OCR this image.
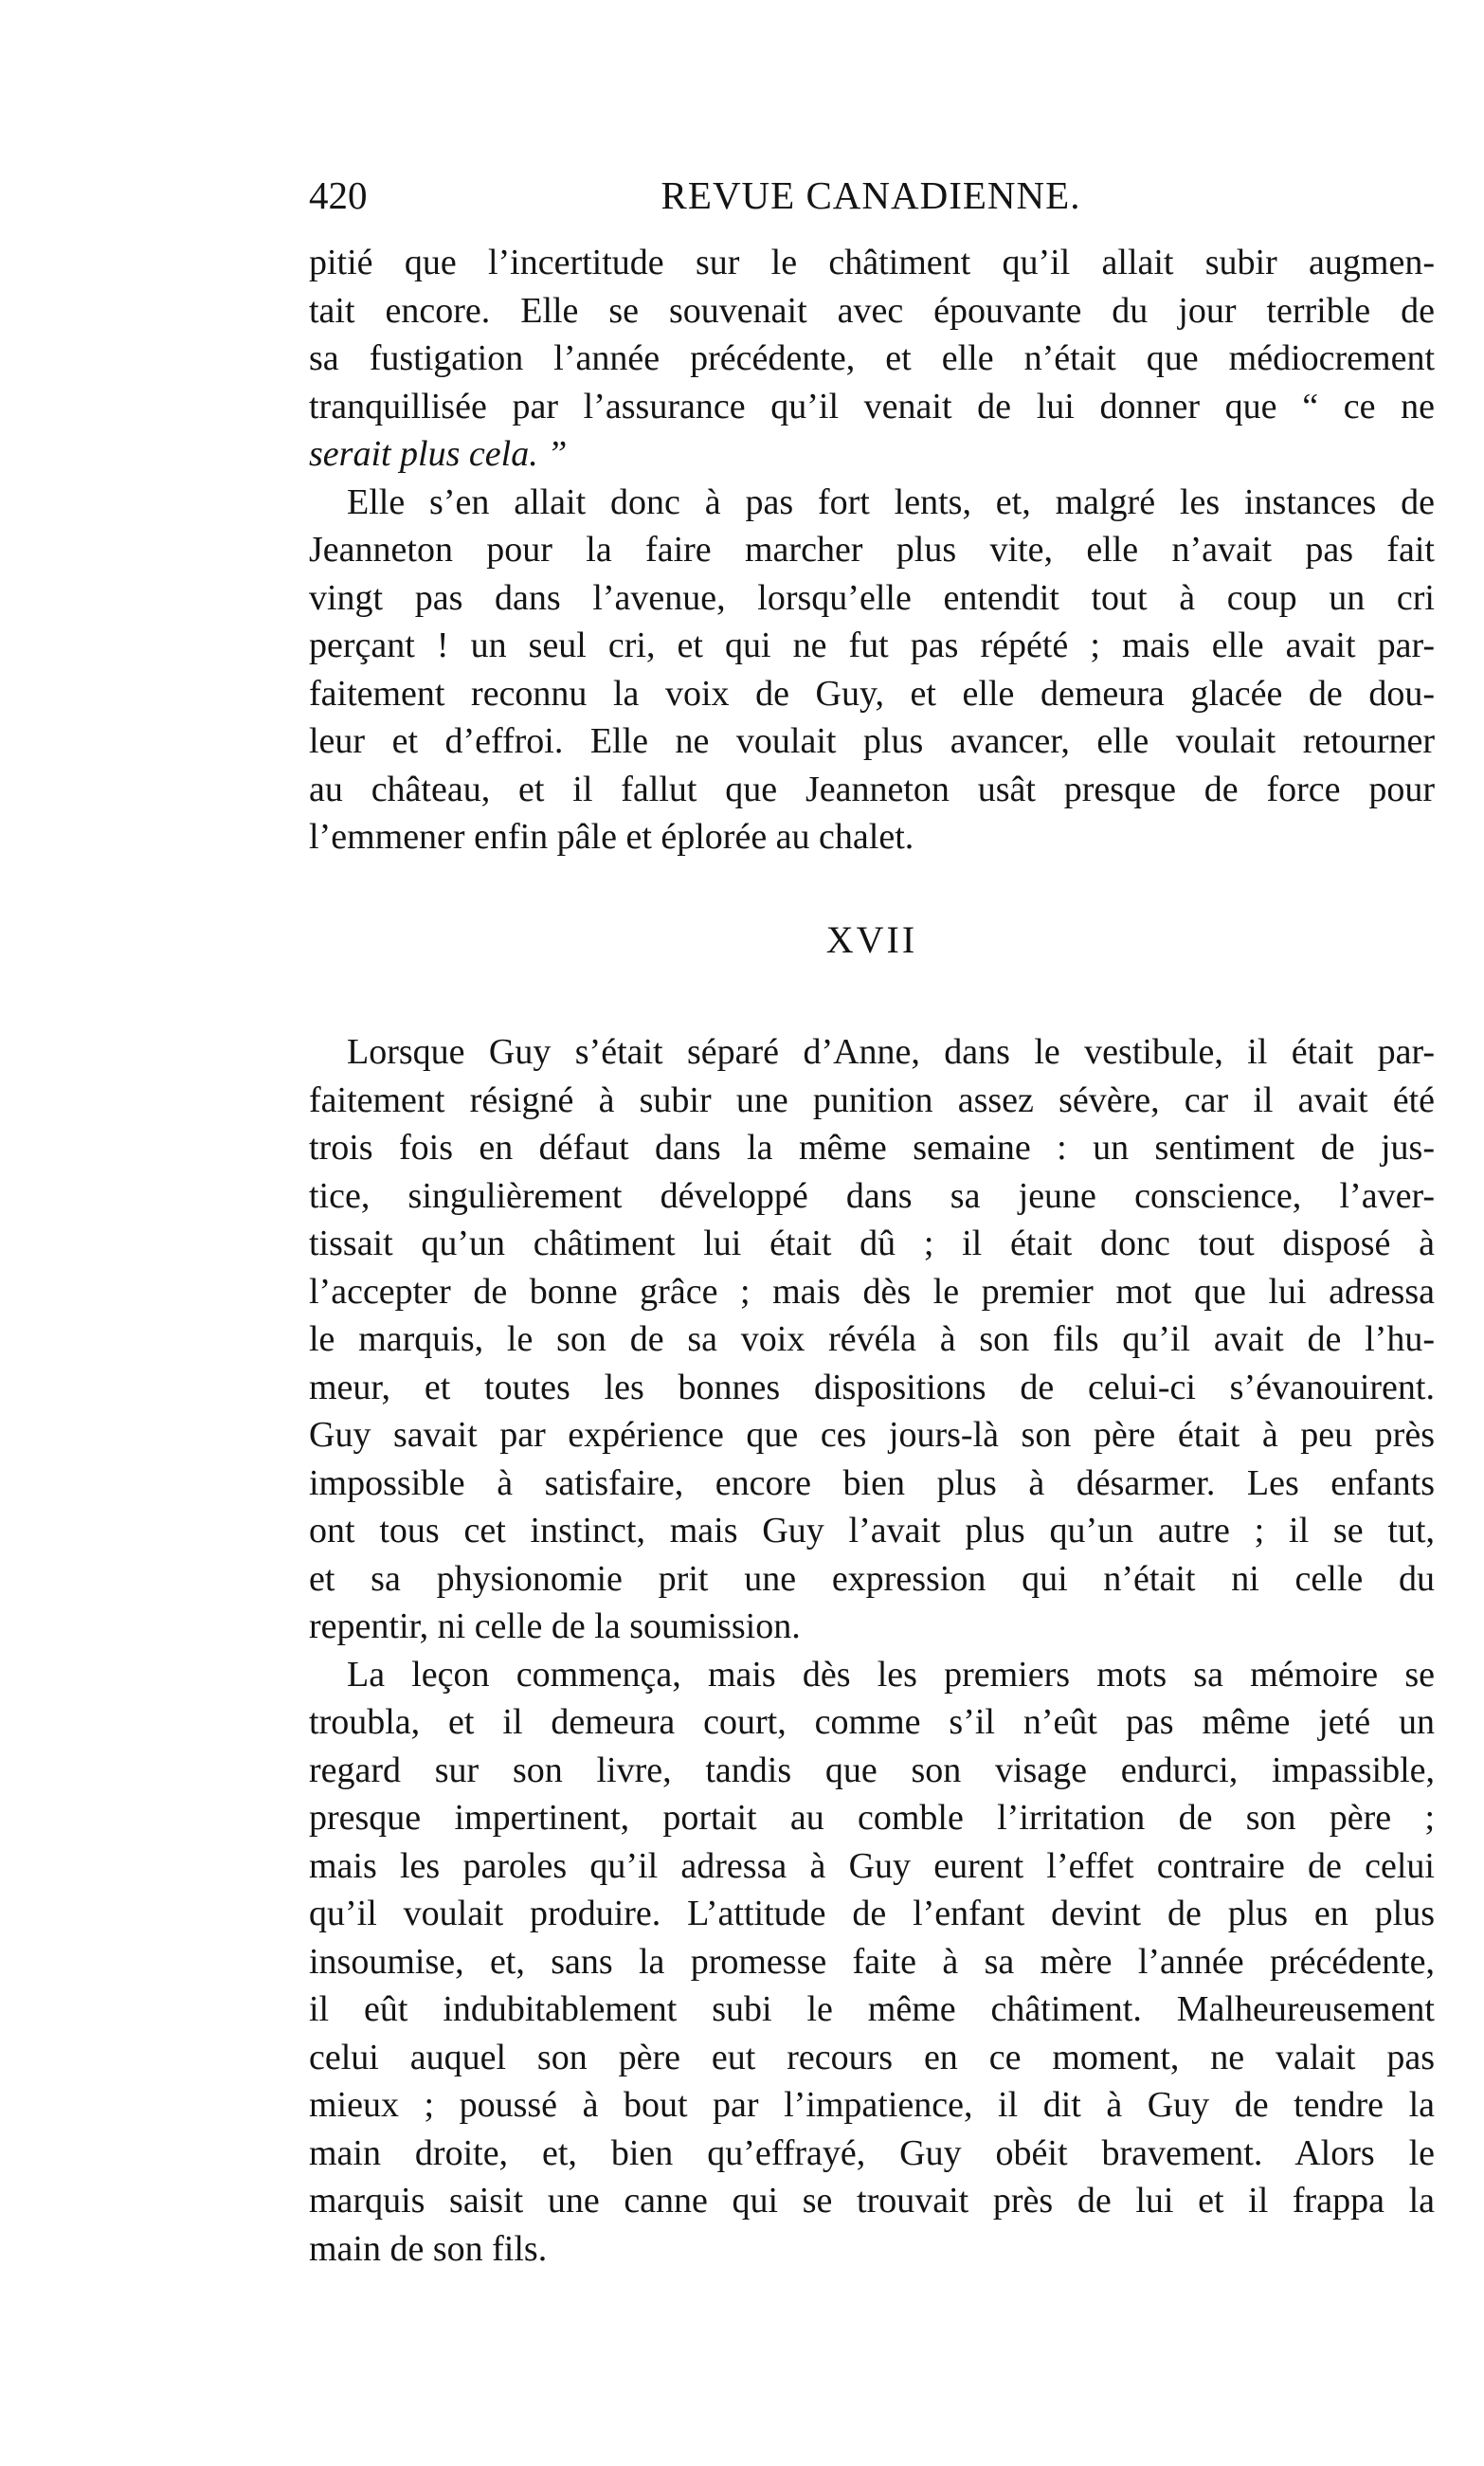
420	REVUE CANADIENNE.
pitié que l’incertitude sur le châtiment qu’il allait subir augmen-
tait encore. Elle se souvenait avec épouvante du jour terrible de
sa fustigation l’année précédente, et elle n’était que médiocrement
tranquillisée par l’assurance qu’il venait de lui donner que “ ce ne
serait plus cela. ”
Elle s’en allait donc à pas fort lents, et, malgré les instances de
Jeanneton pour la faire marcher plus vite, elle n’avait pas fait
vingt pas dans l’avenue, lorsqu’elle entendit tout à coup un cri
perçant ! un seul cri, et qui ne fut pas répété ; mais elle avait par-
faitement reconnu la voix de Guy, et elle demeura glacée de dou-
leur et d’effroi. Elle ne voulait plus avancer, elle voulait retourner
au château, et il fallut que Jeanneton usât presque de force pour
l’emmener enfin pâle et éplorée au chalet.
XVII
Lorsque Guy s’était séparé d’Anne, dans le vestibule, il était par-
faitement résigné à subir une punition assez sévère, car il avait été
trois fois en défaut dans la même semaine : un sentiment de jus-
tice, singulièrement développé dans sa jeune conscience, l’aver-
tissait qu’un châtiment lui était dû ; il était donc tout disposé à
l’accepter de bonne grâce ; mais dès le premier mot que lui adressa
le marquis, le son de sa voix révéla à son fils qu’il avait de l’hu-
meur, et toutes les bonnes dispositions de celui-ci s’évanouirent.
Guy savait par expérience que ces jours-là son père était à peu près
impossible à satisfaire, encore bien plus à désarmer. Les enfants
ont tous cet instinct, mais Guy l’avait plus qu’un autre ; il se tut,
et sa physionomie prit une expression qui n’était ni celle du
repentir, ni celle de la soumission.
La leçon commença, mais dès les premiers mots sa mémoire se
troubla, et il demeura court, comme s’il n’eût pas même jeté un
regard sur son livre, tandis que son visage endurci, impassible,
presque impertinent, portait au comble l’irritation de son père ;
mais les paroles qu’il adressa à Guy eurent l’effet contraire de celui
qu’il voulait produire. L’attitude de l’enfant devint de plus en plus
insoumise, et, sans la promesse faite à sa mère l’année précédente,
il eût indubitablement subi le même châtiment. Malheureusement
celui auquel son père eut recours en ce moment, ne valait pas
mieux ; poussé à bout par l’impatience, il dit à Guy de tendre la
main droite, et, bien qu’effrayé, Guy obéit bravement. Alors le
marquis saisit une canne qui se trouvait près de lui et il frappa la
main de son fils.
